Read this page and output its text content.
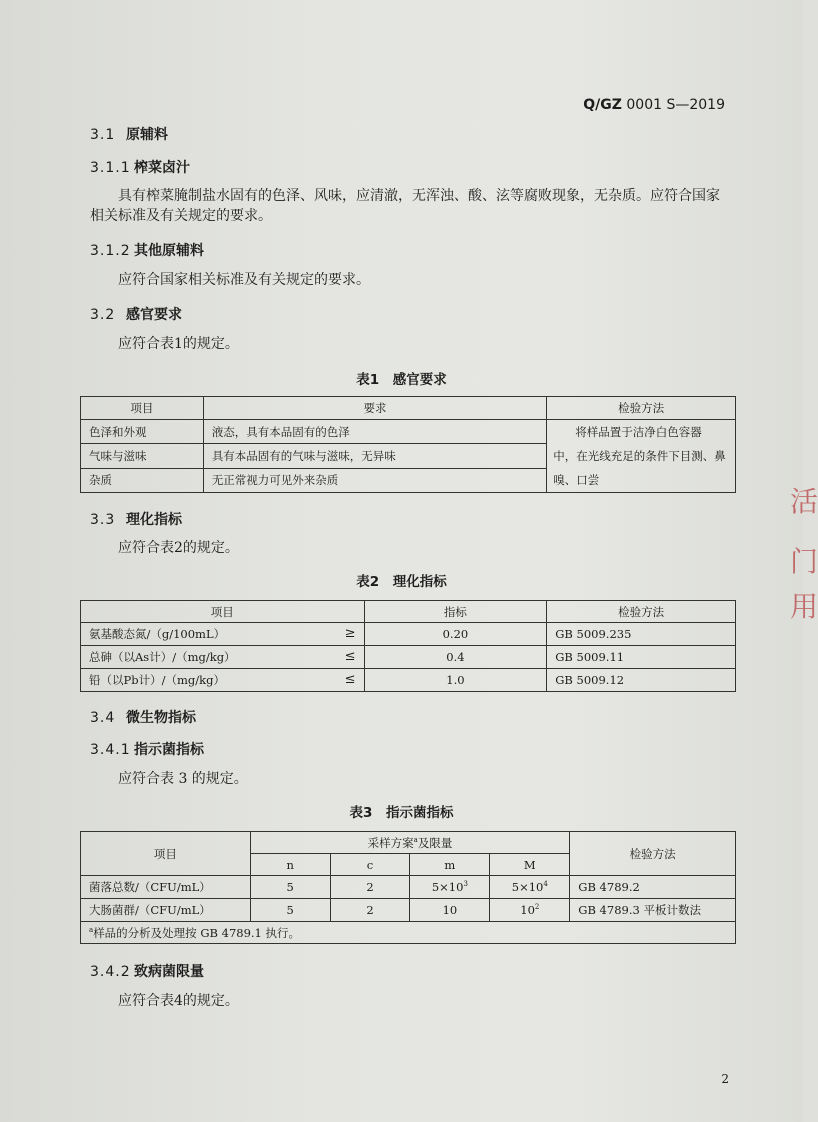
Q/GZ 0001 S—2019
3.1 原辅料
3.1.1 榨菜卤汁
具有榨菜腌制盐水固有的色泽、风味，应清澈，无浑浊、酸、泫等腐败现象，无杂质。应符合国家
相关标准及有关规定的要求。
3.1.2 其他原辅料
应符合国家相关标准及有关规定的要求。
3.2 感官要求
应符合表1的规定。
表1　感官要求
项目	要求	检验方法
色泽和外观	液态，具有本品固有的色泽	将样品置于洁净白色容器
中，在光线充足的条件下目测、鼻
嗅、口尝

气味与滋味	具有本品固有的气味与滋味，无异味	
杂质	无正常视力可见外来杂质	
3.3 理化指标
应符合表2的规定。
表2　理化指标
项目	指标	检验方法
氨基酸态氮/（g/100mL） ≥	0.20	GB 5009.235
总砷（以As计）/（mg/kg） ≤	0.4	GB 5009.11
铅（以Pb计）/（mg/kg） ≤	1.0	GB 5009.12
3.4 微生物指标
3.4.1 指示菌指标
应符合表 3 的规定。
表3　指示菌指标
项目	采样方案$^a$及限量				检验方法
	n	c	m	M	
菌落总数/（CFU/mL）	5	2	$5\times 10^3$	$5\times 10^4$	GB 4789.2
大肠菌群/（CFU/mL）	5	2	10	$10^2$	GB 4789.3 平板计数法
$^a$样品的分析及处理按 GB 4789.1 执行。					
3.4.2 致病菌限量
应符合表4的规定。
2
活
门
用
